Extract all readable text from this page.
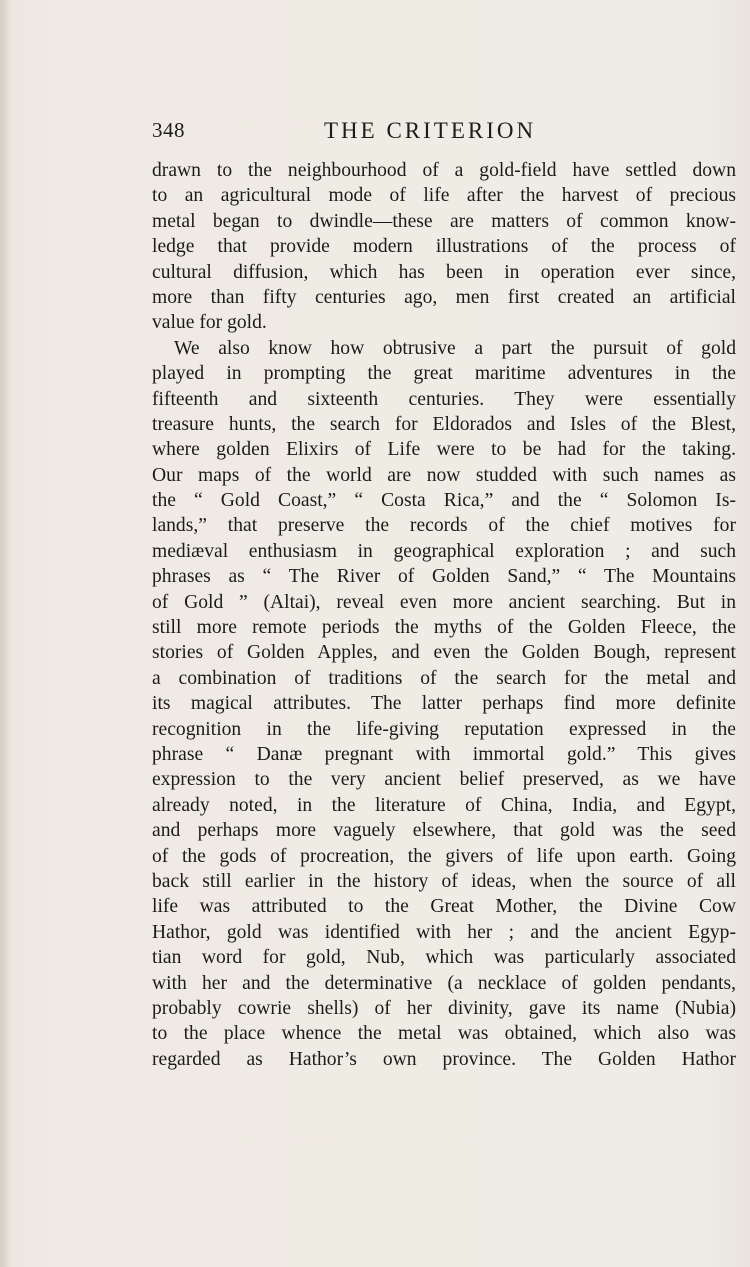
348	THE CRITERION
drawn to the neighbourhood of a gold-field have settled down
to an agricultural mode of life after the harvest of precious
metal began to dwindle—these are matters of common know-
ledge that provide modern illustrations of the process of
cultural diffusion, which has been in operation ever since,
more than fifty centuries ago, men first created an artificial
value for gold.
We also know how obtrusive a part the pursuit of gold
played in prompting the great maritime adventures in the
fifteenth and sixteenth centuries. They were essentially
treasure hunts, the search for Eldorados and Isles of the Blest,
where golden Elixirs of Life were to be had for the taking.
Our maps of the world are now studded with such names as
the “ Gold Coast,” “ Costa Rica,” and the “ Solomon Is-
lands,” that preserve the records of the chief motives for
mediæval enthusiasm in geographical exploration ; and such
phrases as “ The River of Golden Sand,” “ The Mountains
of Gold ” (Altai), reveal even more ancient searching. But in
still more remote periods the myths of the Golden Fleece, the
stories of Golden Apples, and even the Golden Bough, represent
a combination of traditions of the search for the metal and
its magical attributes. The latter perhaps find more definite
recognition in the life-giving reputation expressed in the
phrase “ Danæ pregnant with immortal gold.” This gives
expression to the very ancient belief preserved, as we have
already noted, in the literature of China, India, and Egypt,
and perhaps more vaguely elsewhere, that gold was the seed
of the gods of procreation, the givers of life upon earth. Going
back still earlier in the history of ideas, when the source of all
life was attributed to the Great Mother, the Divine Cow
Hathor, gold was identified with her ; and the ancient Egyp-
tian word for gold, Nub, which was particularly associated
with her and the determinative (a necklace of golden pendants,
probably cowrie shells) of her divinity, gave its name (Nubia)
to the place whence the metal was obtained, which also was
regarded as Hathor’s own province. The Golden Hathor
